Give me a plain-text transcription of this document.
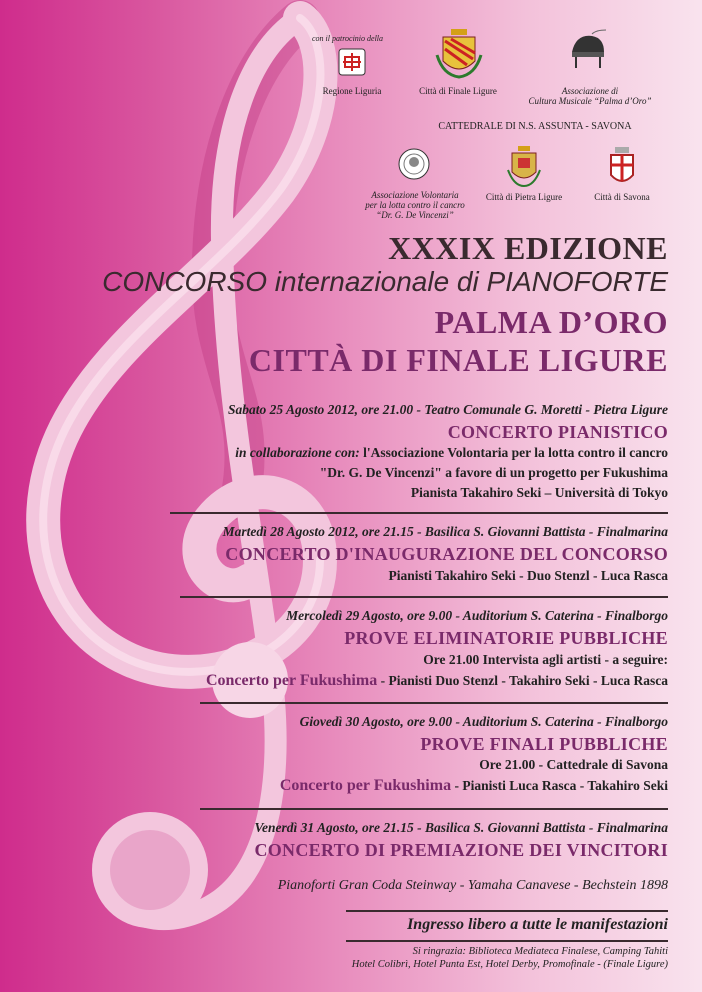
con il patrocinio della
Regione Liguria	Città di Finale Ligure	Associazione di
Cultura Musicale “Palma d’Oro”
CATTEDRALE DI N.S. ASSUNTA - SAVONA
Associazione Volontaria
per la lotta contro il cancro
“Dr. G. De Vincenzi”
Città di Pietra Ligure	Città di Savona
XXXIX EDIZIONE
CONCORSO internazionale di PIANOFORTE
PALMA D’ORO
CITTÀ DI FINALE LIGURE
Sabato 25 Agosto 2012, ore 21.00 - Teatro Comunale G. Moretti - Pietra Ligure
CONCERTO PIANISTICO
in collaborazione con: l'Associazione Volontaria per la lotta contro il cancro
"Dr. G. De Vincenzi" a favore di un progetto per Fukushima
Pianista Takahiro Seki – Università di Tokyo
Martedì 28 Agosto 2012, ore 21.15 - Basilica S. Giovanni Battista - Finalmarina
CONCERTO D'INAUGURAZIONE DEL CONCORSO
Pianisti Takahiro Seki - Duo Stenzl - Luca Rasca
Mercoledì 29 Agosto, ore 9.00 - Auditorium S. Caterina - Finalborgo
PROVE ELIMINATORIE PUBBLICHE
Ore 21.00 Intervista agli artisti - a seguire:
Concerto per Fukushima - Pianisti Duo Stenzl - Takahiro Seki - Luca Rasca
Giovedì 30 Agosto, ore 9.00 - Auditorium S. Caterina - Finalborgo
PROVE FINALI PUBBLICHE
Ore 21.00 - Cattedrale di Savona
Concerto per Fukushima - Pianisti Luca Rasca - Takahiro Seki
Venerdì 31 Agosto, ore 21.15 - Basilica S. Giovanni Battista - Finalmarina
CONCERTO DI PREMIAZIONE DEI VINCITORI
Pianoforti Gran Coda Steinway - Yamaha Canavese - Bechstein 1898
Ingresso libero a tutte le manifestazioni
Si ringrazia: Biblioteca Mediateca Finalese, Camping Tahiti
Hotel Colibrì, Hotel Punta Est, Hotel Derby, Promofinale - (Finale Ligure)
